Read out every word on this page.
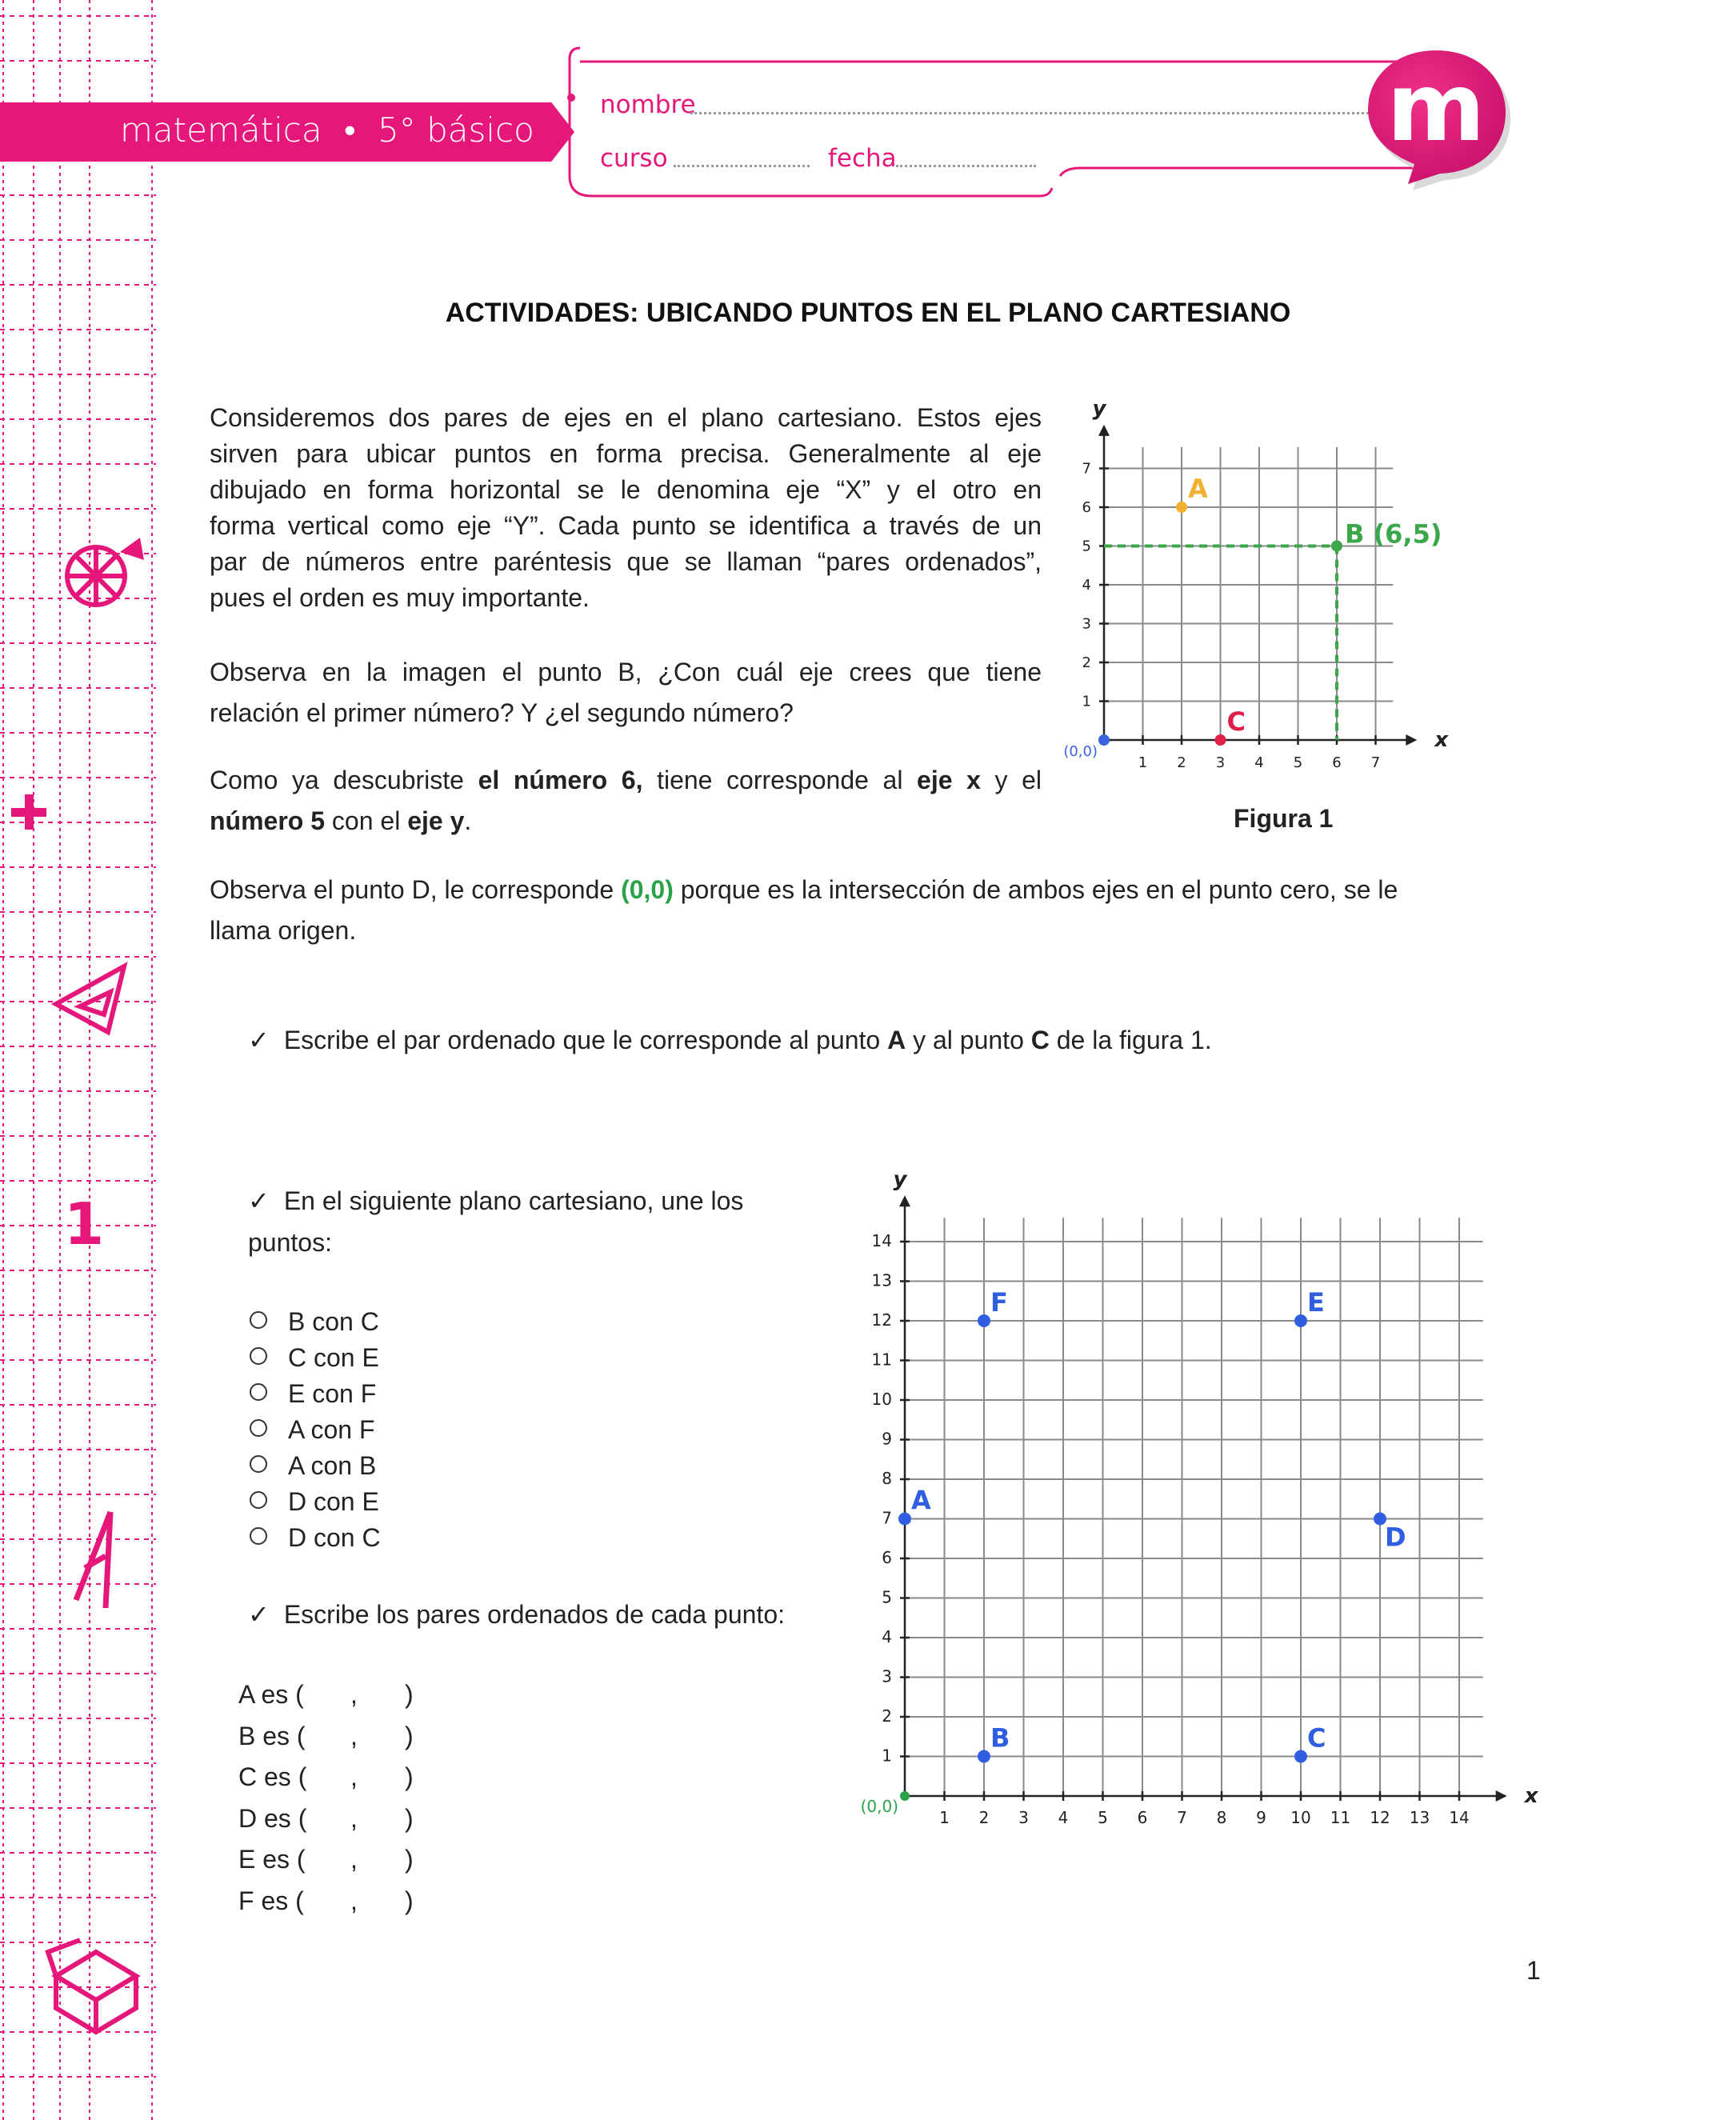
1
matemática • 5° básico
nombre
curso	fecha	m
ACTIVIDADES: UBICANDO PUNTOS EN EL PLANO CARTESIANO
Consideremos dos pares de ejes en el plano cartesiano. Estos ejes
sirven para ubicar puntos en forma precisa. Generalmente al eje
dibujado en forma horizontal se le denomina eje “X” y el otro en
forma vertical como eje “Y”. Cada punto se identifica a través de un
par de números entre paréntesis que se llaman “pares ordenados”,
pues el orden es muy importante.
Observa en la imagen el punto B, ¿Con cuál eje crees que tiene
relación el primer número? Y ¿el segundo número?
Como ya descubriste el número 6, tiene corresponde al eje x y el
número 5 con el eje y.	Figura 1
Observa el punto D, le corresponde (0,0) porque es la intersección de ambos ejes en el punto cero, se le
llama origen.
✓ Escribe el par ordenado que le corresponde al punto A y al punto C de la figura 1.
✓ En el siguiente plano cartesiano, une los
puntos:
B con C
C con E
E con F
A con F
A con B
D con E
D con C
✓ Escribe los pares ordenados de cada punto:
A es ( , )
B es ( , )
C es ( , )
D es ( , )
E es ( , )
F es ( , )
1 2 3 4 5 6 7
1
2
3
4
5
6
7
x
y
(0,0)
A
B (6,5)
C
1 2 3 4 5 6 7 8 9 10 11 12 13 14
1
2
3
4
5
6
7
8
9
10
11
12
13
14
x
y
(0,0)
A
B	C
D
E
F
1
